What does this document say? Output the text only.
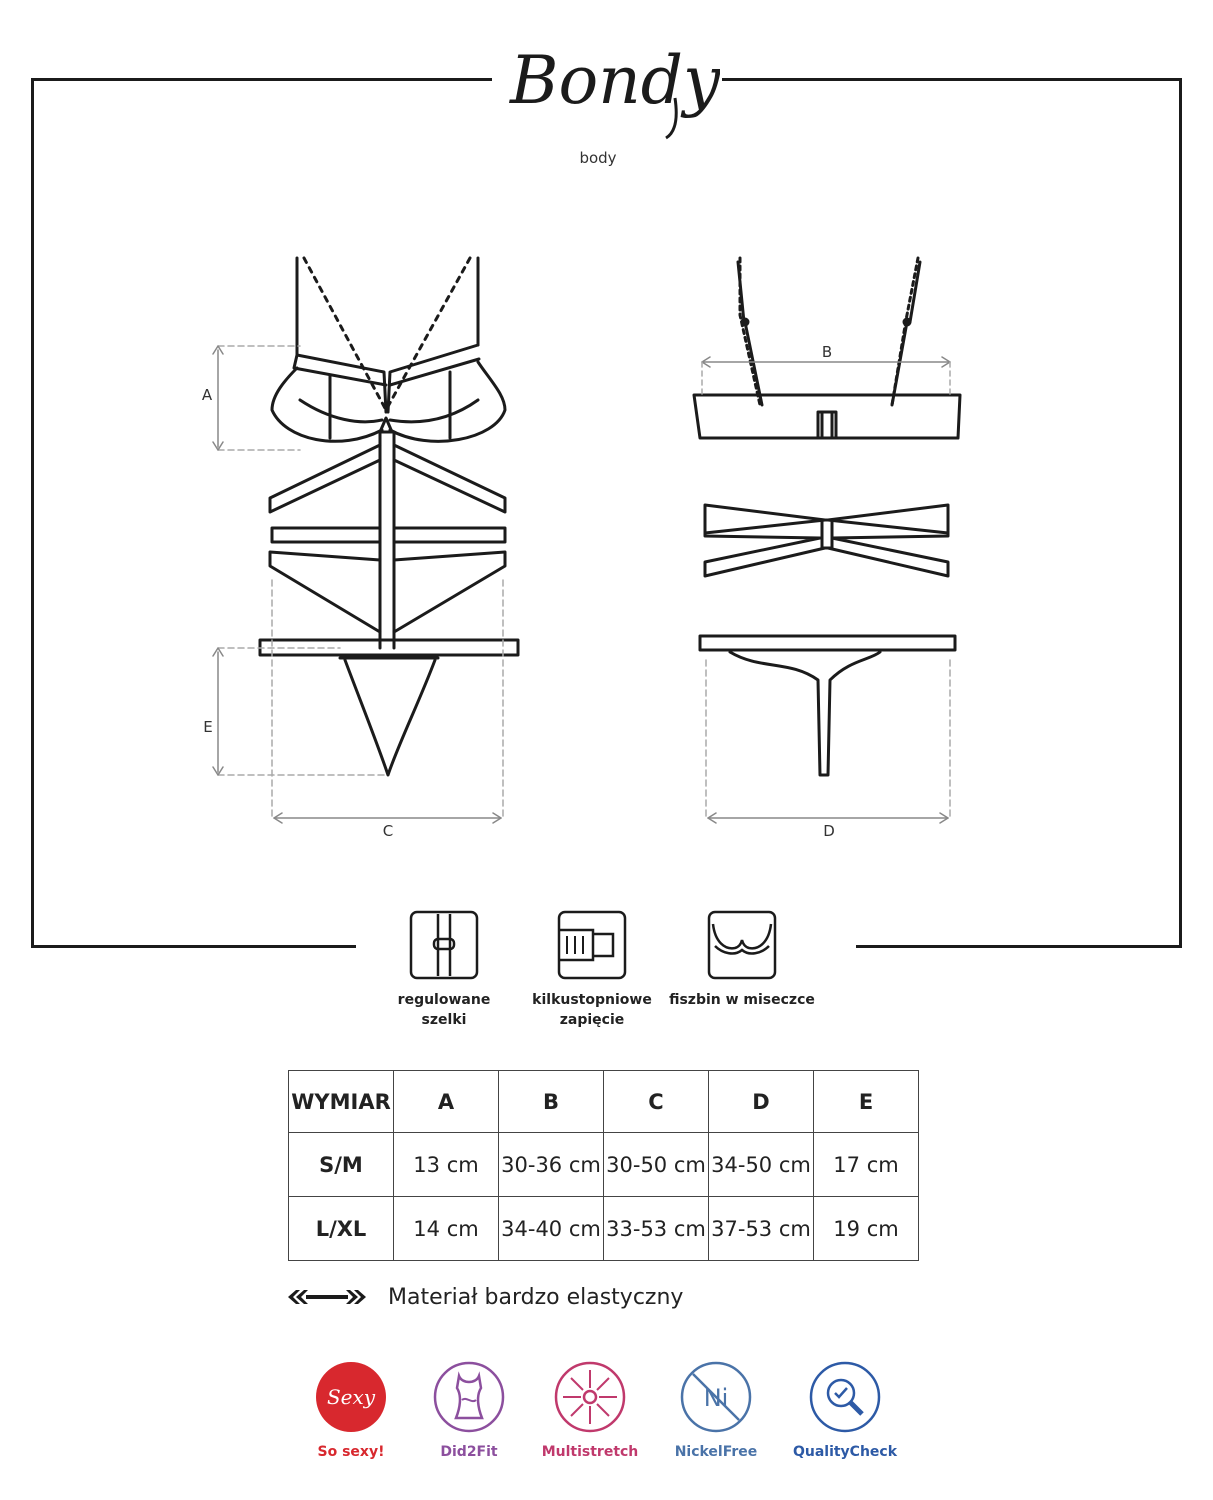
Bondy
body
A
E
C
B
D
regulowane
szelki
kilkustopniowe
zapięcie
fiszbin w miseczce
WYMIAR	A	B	C	D	E
S/M	13 cm	30-36 cm	30-50 cm	34-50 cm	17 cm
L/XL	14 cm	34-40 cm	33-53 cm	37-53 cm	19 cm
Materiał bardzo elastyczny
Sexy
So sexy!	Did2Fit	Multistretch
Ni
NickelFree	QualityCheck
